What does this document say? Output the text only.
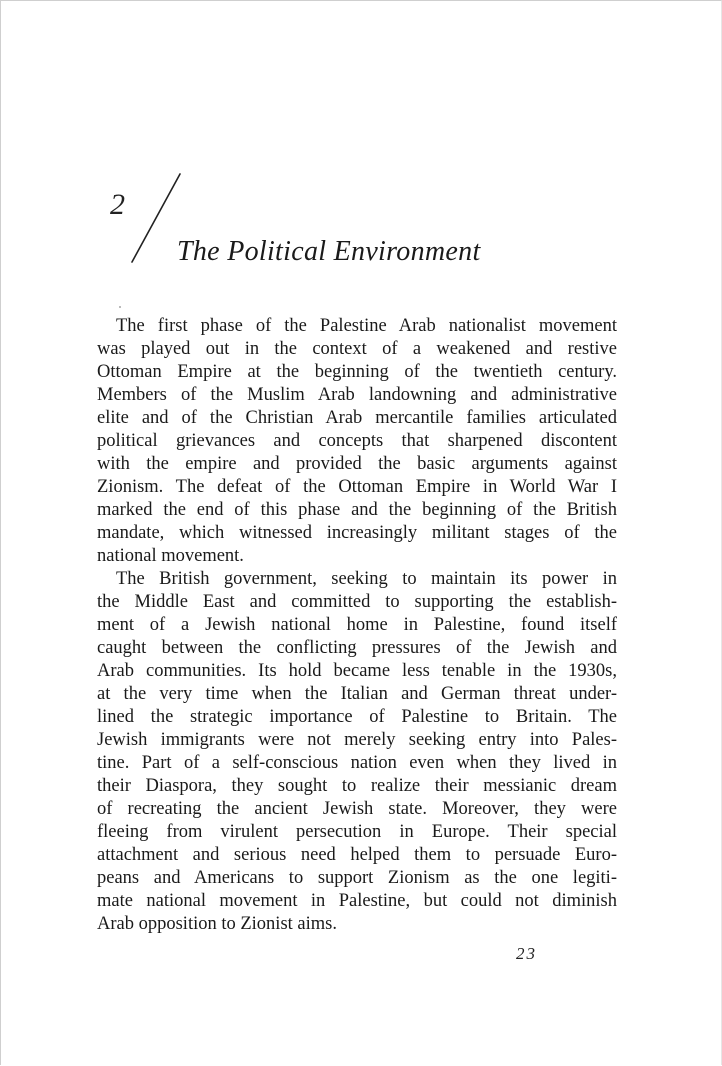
2
The Political Environment
The first phase of the Palestine Arab nationalist movement
was played out in the context of a weakened and restive
Ottoman Empire at the beginning of the twentieth century.
Members of the Muslim Arab landowning and administrative
elite and of the Christian Arab mercantile families articulated
political grievances and concepts that sharpened discontent
with the empire and provided the basic arguments against
Zionism. The defeat of the Ottoman Empire in World War I
marked the end of this phase and the beginning of the British
mandate, which witnessed increasingly militant stages of the
national movement.
The British government, seeking to maintain its power in
the Middle East and committed to supporting the establish-
ment of a Jewish national home in Palestine, found itself
caught between the conflicting pressures of the Jewish and
Arab communities. Its hold became less tenable in the 1930s,
at the very time when the Italian and German threat under-
lined the strategic importance of Palestine to Britain. The
Jewish immigrants were not merely seeking entry into Pales-
tine. Part of a self-conscious nation even when they lived in
their Diaspora, they sought to realize their messianic dream
of recreating the ancient Jewish state. Moreover, they were
fleeing from virulent persecution in Europe. Their special
attachment and serious need helped them to persuade Euro-
peans and Americans to support Zionism as the one legiti-
mate national movement in Palestine, but could not diminish
Arab opposition to Zionist aims.
23
